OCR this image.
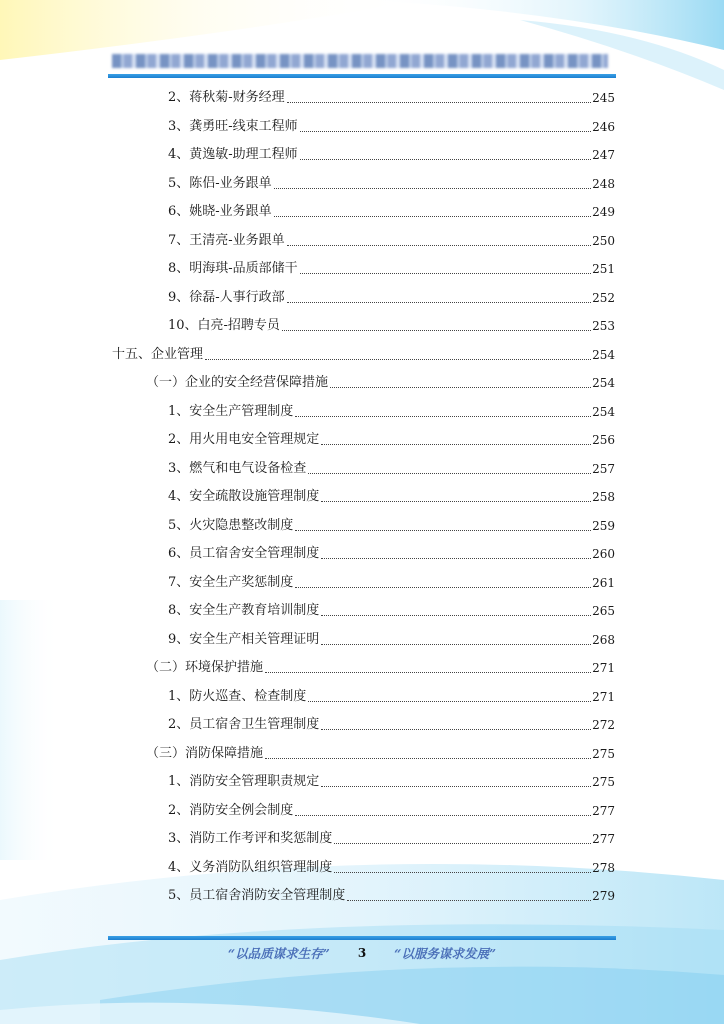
2、蒋秋菊-财务经理	245
3、龚勇旺-线束工程师	246
4、黄逸敏-助理工程师	247
5、陈侣-业务跟单	248
6、姚晓-业务跟单	249
7、王清亮-业务跟单	250
8、明海琪-品质部储干	251
9、徐磊-人事行政部	252
10、白亮-招聘专员	253
十五、企业管理	254
（一）企业的安全经营保障措施	254
1、安全生产管理制度	254
2、用火用电安全管理规定	256
3、燃气和电气设备检查	257
4、安全疏散设施管理制度	258
5、火灾隐患整改制度	259
6、员工宿舍安全管理制度	260
7、安全生产奖惩制度	261
8、安全生产教育培训制度	265
9、安全生产相关管理证明	268
（二）环境保护措施	271
1、防火巡查、检查制度	271
2、员工宿舍卫生管理制度	272
（三）消防保障措施	275
1、消防安全管理职责规定	275
2、消防安全例会制度	277
3、消防工作考评和奖惩制度	277
4、义务消防队组织管理制度	278
5、员工宿舍消防安全管理制度	279
“以品质谋求生存” 3 “以服务谋求发展”
